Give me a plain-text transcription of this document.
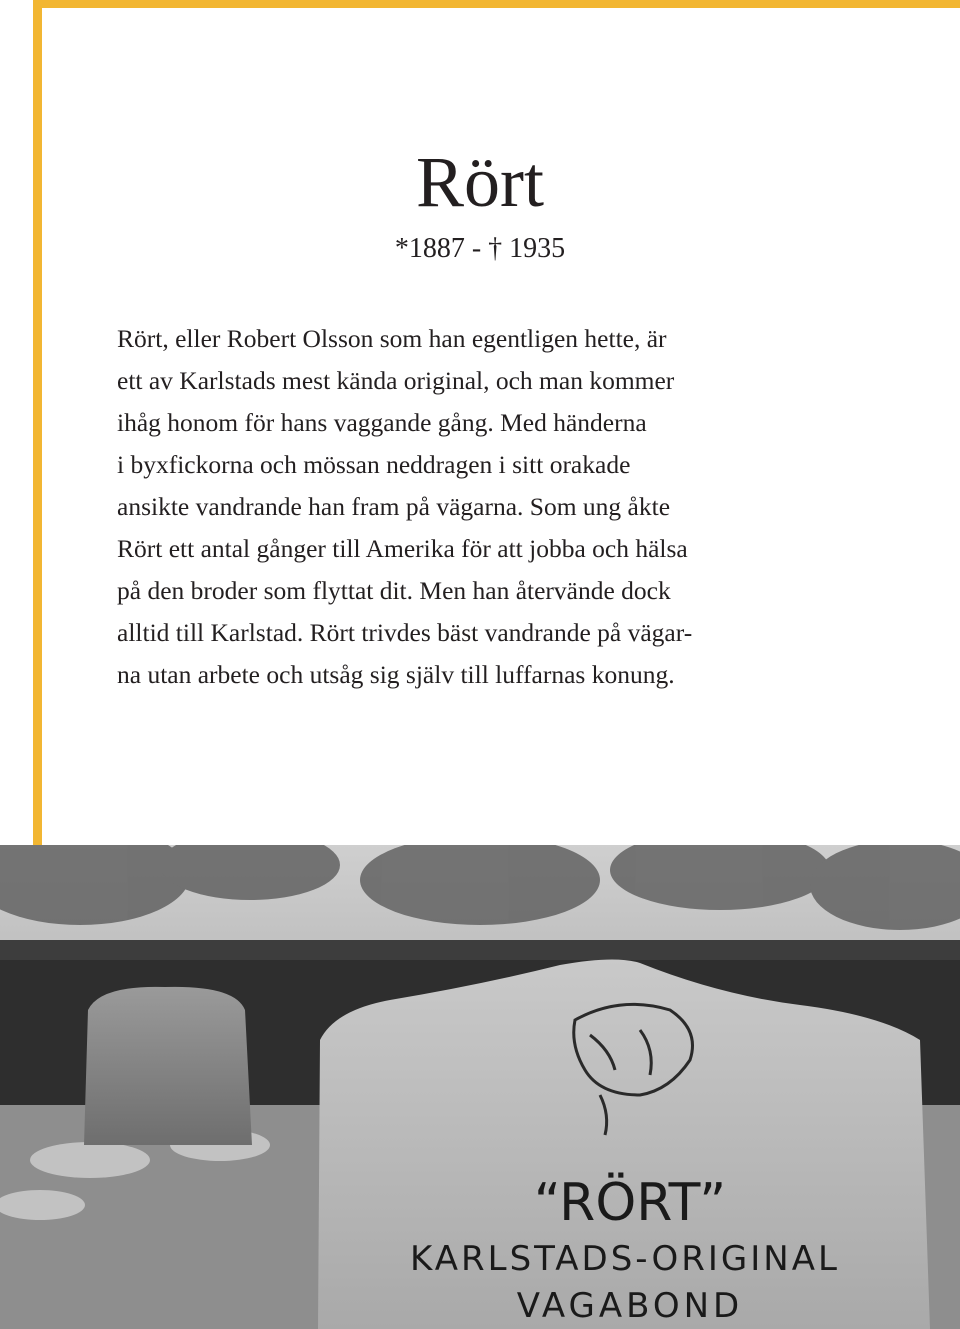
Rört
*1887 - † 1935
Rört, eller Robert Olsson som han egentligen hette, är
ett av Karlstads mest kända original, och man kommer
ihåg honom för hans vaggande gång. Med händerna
i byxfickorna och mössan neddragen i sitt orakade
ansikte vandrande han fram på vägarna. Som ung åkte
Rört ett antal gånger till Amerika för att jobba och hälsa
på den broder som flyttat dit. Men han återvände dock
alltid till Karlstad. Rört trivdes bäst vandrande på vägar-
na utan arbete och utsåg sig själv till luffarnas konung.
“RÖRT”
KARLSTADS-ORIGINAL
VAGABOND
